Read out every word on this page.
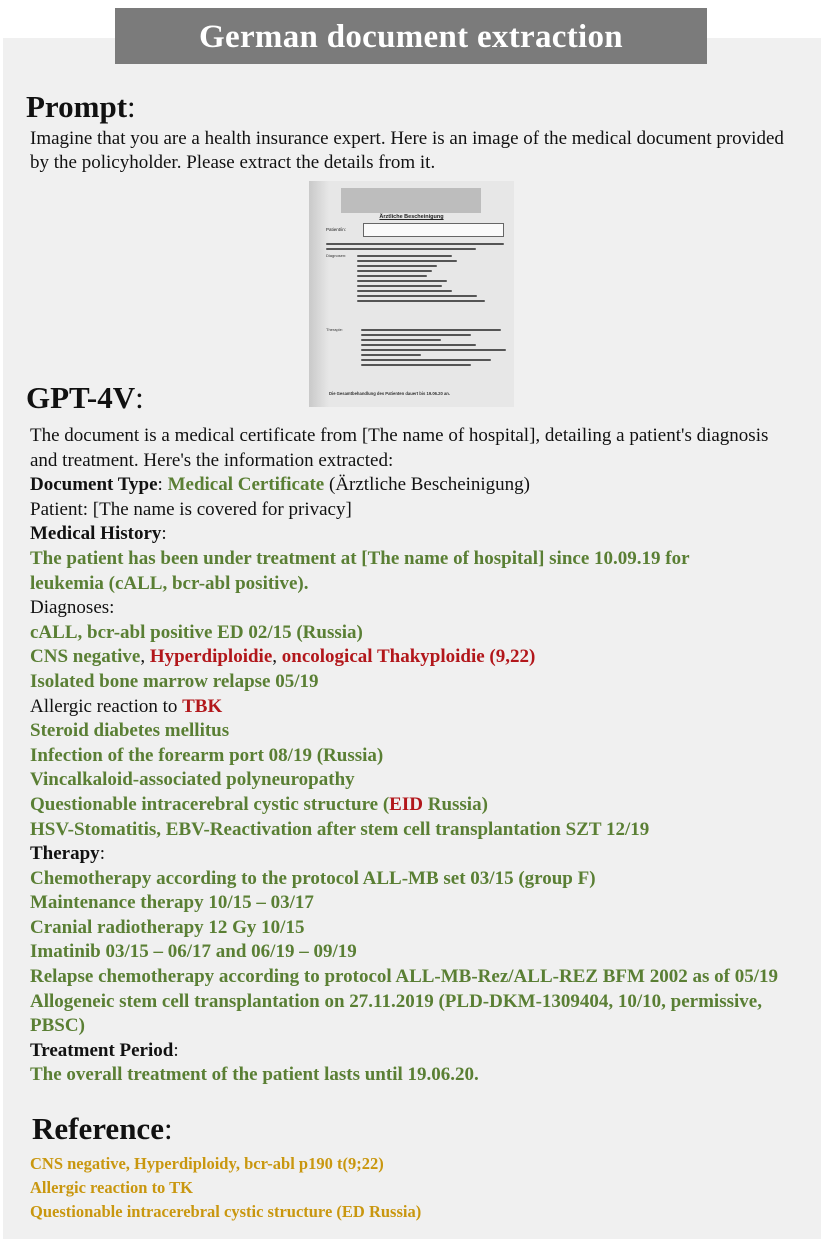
German document extraction
Prompt:
Imagine that you are a health insurance expert. Here is an image of the medical document provided by the policyholder. Please extract the details from it.
Ärztliche Bescheinigung
Patient/in:
Diagnosen:
Therapie:
Die Gesamtbehandlung des Patienten dauert bis 19.06.20 an.
GPT-4V:
The document is a medical certificate from [The name of hospital], detailing a patient's diagnosis and treatment. Here's the information extracted:
Document Type: Medical Certificate (Ärztliche Bescheinigung)
Patient: [The name is covered for privacy]
Medical History:
The patient has been under treatment at [The name of hospital] since 10.09.19 for leukemia (cALL, bcr-abl positive).
Diagnoses:
cALL, bcr-abl positive ED 02/15 (Russia)
CNS negative, Hyperdiploidie, oncological Thakyploidie (9,22)
Isolated bone marrow relapse 05/19
Allergic reaction to TBK
Steroid diabetes mellitus
Infection of the forearm port 08/19 (Russia)
Vincalkaloid-associated polyneuropathy
Questionable intracerebral cystic structure (EID Russia)
HSV-Stomatitis, EBV-Reactivation after stem cell transplantation SZT 12/19
Therapy:
Chemotherapy according to the protocol ALL-MB set 03/15 (group F)
Maintenance therapy 10/15 – 03/17
Cranial radiotherapy 12 Gy 10/15
Imatinib 03/15 – 06/17 and 06/19 – 09/19
Relapse chemotherapy according to protocol ALL-MB-Rez/ALL-REZ BFM 2002 as of 05/19
Allogeneic stem cell transplantation on 27.11.2019 (PLD-DKM-1309404, 10/10, permissive, PBSC)
Treatment Period:
The overall treatment of the patient lasts until 19.06.20.
Reference:
CNS negative, Hyperdiploidy, bcr-abl p190 t(9;22)
Allergic reaction to TK
Questionable intracerebral cystic structure (ED Russia)
